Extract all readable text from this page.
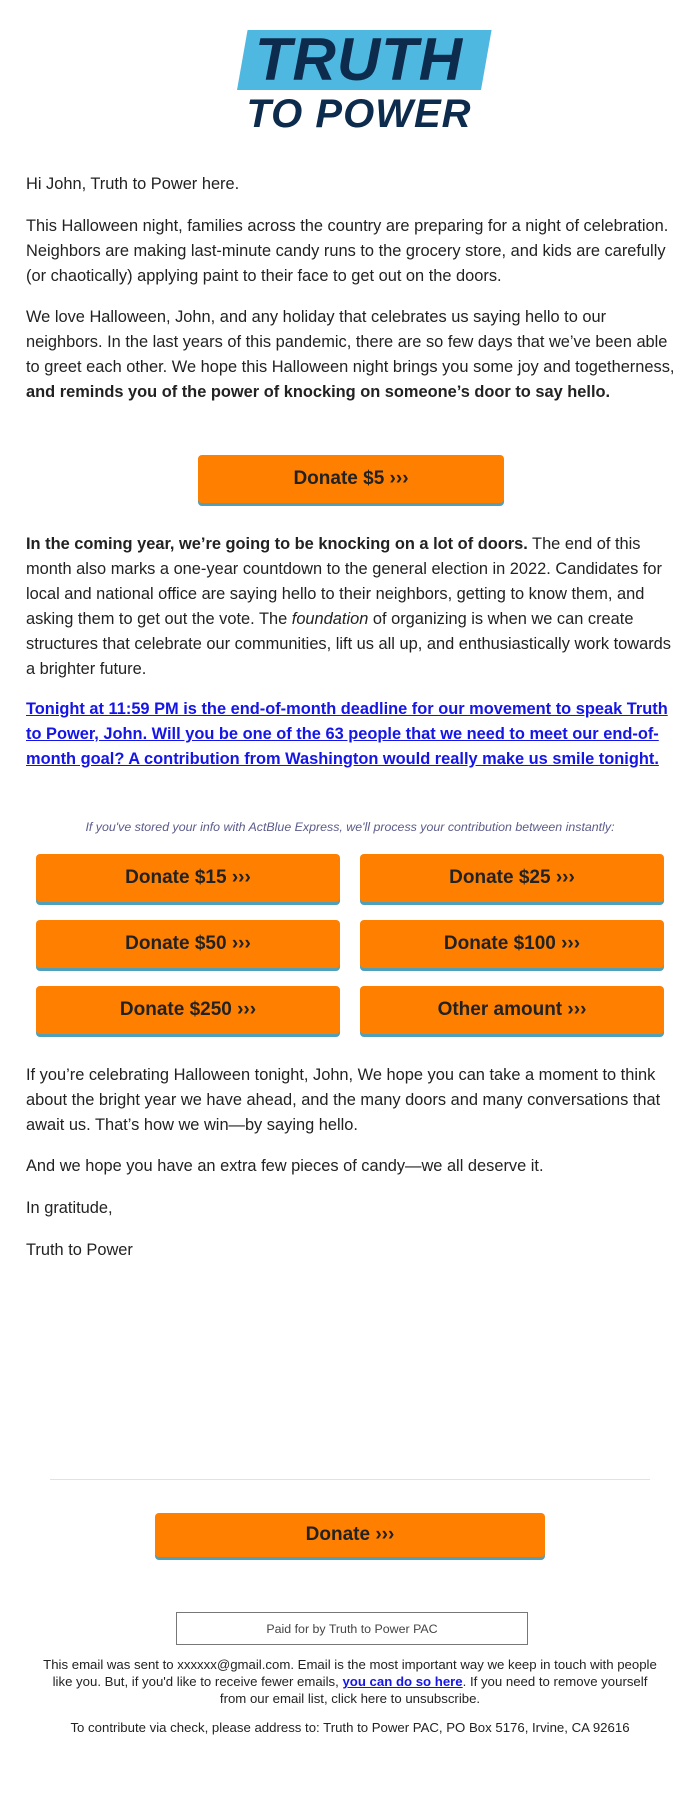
TRUTH
TO POWER

Hi John, Truth to Power here.

This Halloween night, families across the country are preparing for a night of celebration. Neighbors are making last-minute candy runs to the grocery store, and kids are carefully (or chaotically) applying paint to their face to get out on the doors.

We love Halloween, John, and any holiday that celebrates us saying hello to our neighbors. In the last years of this pandemic, there are so few days that we’ve been able to greet each other. We hope this Halloween night brings you some joy and togetherness, and reminds you of the power of knocking on someone’s door to say hello.

Donate $5 ›››

In the coming year, we’re going to be knocking on a lot of doors. The end of this month also marks a one-year countdown to the general election in 2022. Candidates for local and national office are saying hello to their neighbors, getting to know them, and asking them to get out the vote. The foundation of organizing is when we can create structures that celebrate our communities, lift us all up, and enthusiastically work towards a brighter future.

Tonight at 11:59 PM is the end-of-month deadline for our movement to speak Truth to Power, John. Will you be one of the 63 people that we need to meet our end-of-month goal? A contribution from Washington would really make us smile tonight.

If you've stored your info with ActBlue Express, we'll process your contribution between instantly:
Donate $15 ›››	Donate $25 ›››
Donate $50 ›››	Donate $100 ›››
Donate $250 ›››	Other amount ›››

If you’re celebrating Halloween tonight, John, We hope you can take a moment to think about the bright year we have ahead, and the many doors and many conversations that await us. That’s how we win—by saying hello.

And we hope you have an extra few pieces of candy—we all deserve it.

In gratitude,

Truth to Power

Donate ›››
Paid for by Truth to Power PAC

This email was sent to xxxxxx@gmail.com. Email is the most important way we keep in touch with people like you. But, if you'd like to receive fewer emails, you can do so here. If you need to remove yourself from our email list, click here to unsubscribe.

To contribute via check, please address to: Truth to Power PAC, PO Box 5176, Irvine, CA 92616
